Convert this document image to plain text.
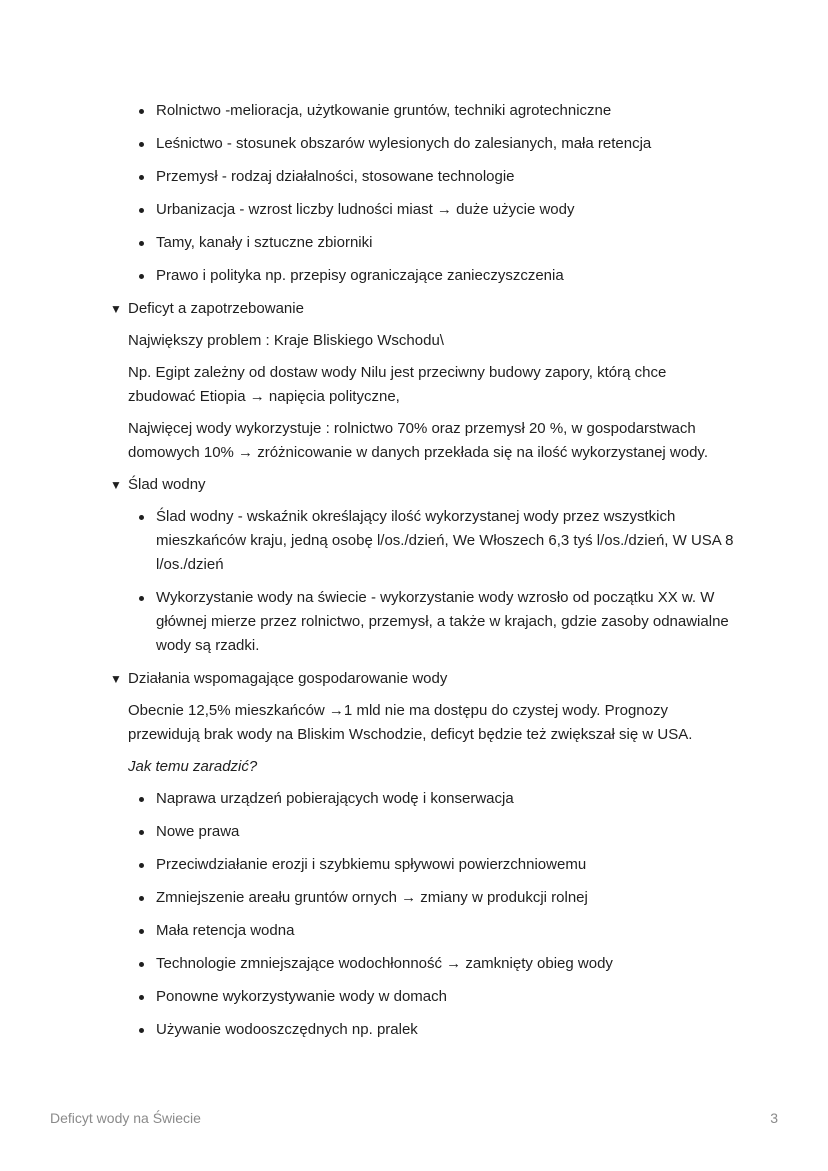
Rolnictwo -melioracja, użytkowanie gruntów, techniki agrotechniczne
Leśnictwo - stosunek obszarów wylesionych do zalesianych, mała retencja
Przemysł - rodzaj działalności, stosowane technologie
Urbanizacja - wzrost liczby ludności miast → duże użycie wody
Tamy, kanały i sztuczne zbiorniki
Prawo i polityka np. przepisy ograniczające zanieczyszczenia
▼ Deficyt a zapotrzebowanie
Największy problem : Kraje Bliskiego Wschodu\
Np. Egipt zależny od dostaw wody Nilu jest przeciwny budowy zapory, którą chce zbudować Etiopia → napięcia polityczne,
Najwięcej wody wykorzystuje : rolnictwo 70% oraz przemysł 20 %, w gospodarstwach domowych 10% → zróżnicowanie w danych przekłada się na ilość wykorzystanej wody.
▼ Ślad wodny
Ślad wodny - wskaźnik określający ilość wykorzystanej wody przez wszystkich mieszkańców kraju, jedną osobę l/os./dzień, We Włoszech 6,3 tyś l/os./dzień, W USA 8 l/os./dzień
Wykorzystanie wody na świecie - wykorzystanie wody wzrosło od początku XX w. W głównej mierze przez rolnictwo, przemysł, a także w krajach, gdzie zasoby odnawialne wody są rzadki.
▼ Działania wspomagające gospodarowanie wody
Obecnie 12,5% mieszkańców →1 mld nie ma dostępu do czystej wody. Prognozy przewidują brak wody na Bliskim Wschodzie, deficyt będzie też zwiększał się w USA.
Jak temu zaradzić?
Naprawa urządzeń pobierających wodę i konserwacja
Nowe prawa
Przeciwdziałanie erozji i szybkiemu spływowi powierzchniowemu
Zmniejszenie areału gruntów ornych → zmiany w produkcji rolnej
Mała retencja wodna
Technologie zmniejszające wodochłonność → zamknięty obieg wody
Ponowne wykorzystywanie wody w domach
Używanie wodooszczędnych np. pralek
Deficyt wody na Świecie	3
